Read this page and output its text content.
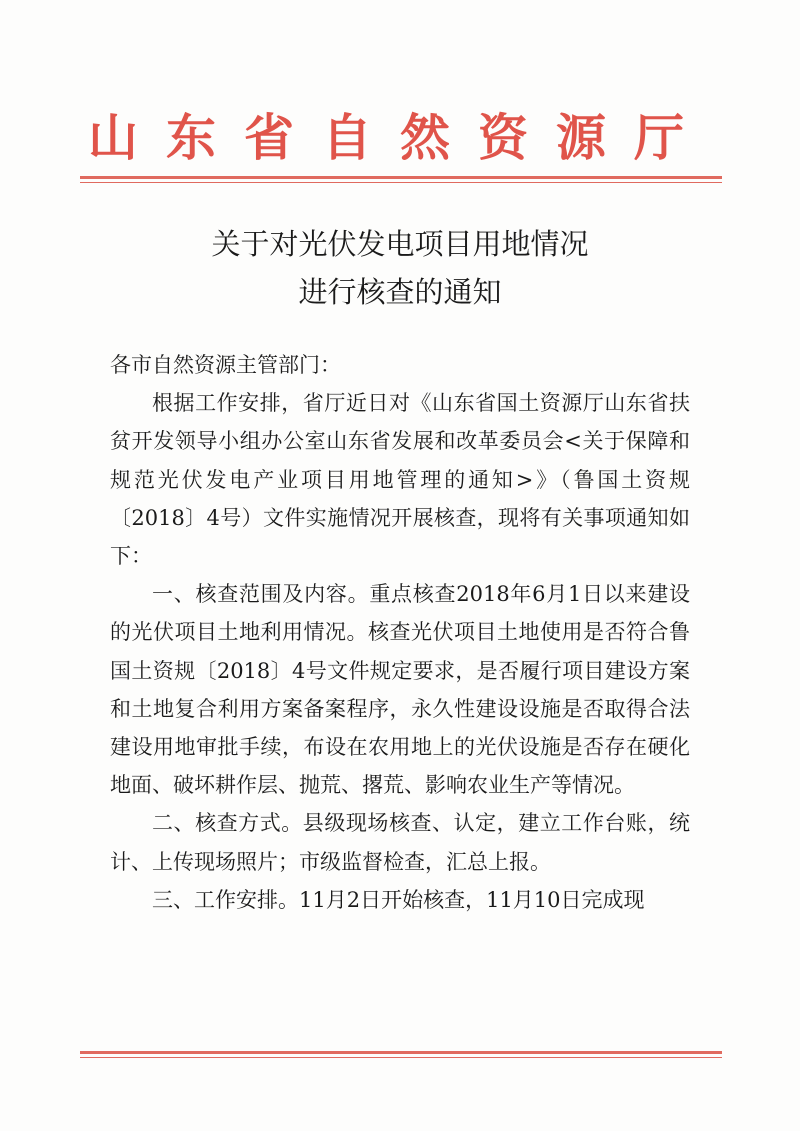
山东省自然资源厅
关于对光伏发电项目用地情况
进行核查的通知

各市自然资源主管部门：

根据工作安排，省厅近日对《山东省国土资源厅山东省扶贫开发领导小组办公室山东省发展和改革委员会<关于保障和规范光伏发电产业项目用地管理的通知>》（鲁国土资规〔2018〕4号）文件实施情况开展核查，现将有关事项通知如下：

一、核查范围及内容。重点核查2018年6月1日以来建设的光伏项目土地利用情况。核查光伏项目土地使用是否符合鲁国土资规〔2018〕4号文件规定要求，是否履行项目建设方案和土地复合利用方案备案程序，永久性建设设施是否取得合法建设用地审批手续，布设在农用地上的光伏设施是否存在硬化地面、破坏耕作层、抛荒、撂荒、影响农业生产等情况。

二、核查方式。县级现场核查、认定，建立工作台账，统计、上传现场照片；市级监督检查，汇总上报。

三、工作安排。11月2日开始核查，11月10日完成现
